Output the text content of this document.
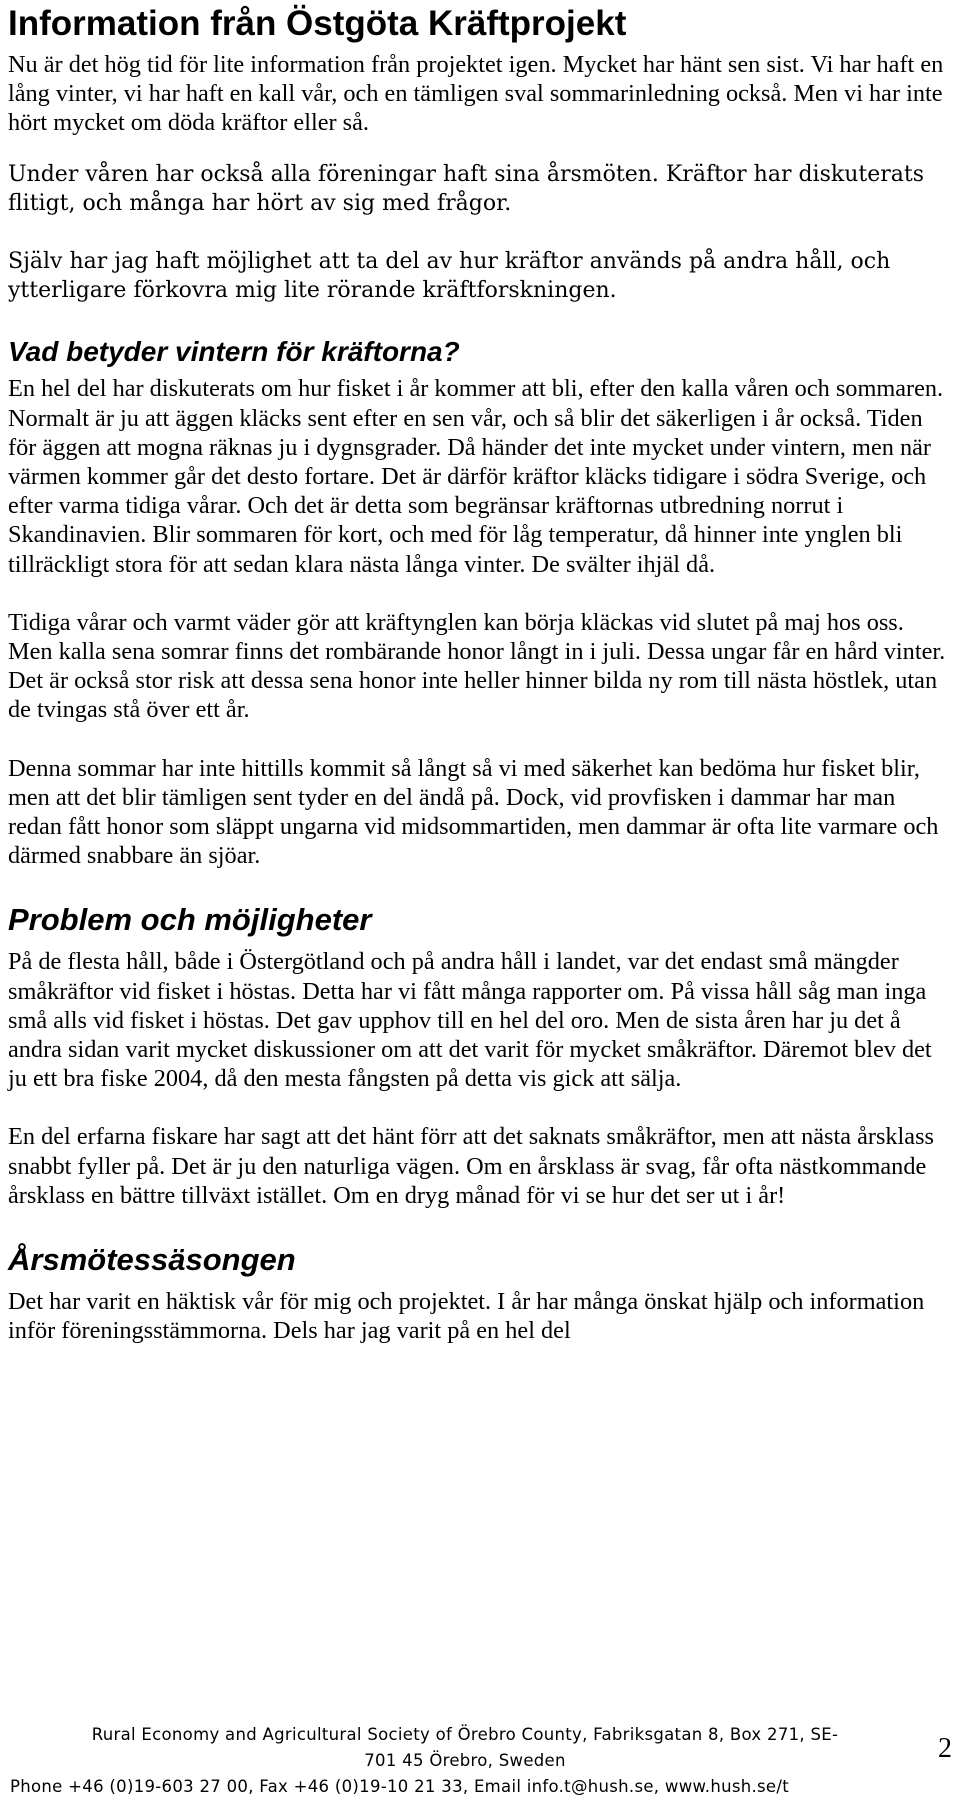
Information från Östgöta Kräftprojekt

Nu är det hög tid för lite information från projektet igen. Mycket har hänt sen sist. Vi har haft en lång vinter, vi har haft en kall vår, och en tämligen sval sommarinledning också. Men vi har inte hört mycket om döda kräftor eller så.

Under våren har också alla föreningar haft sina årsmöten. Kräftor har diskuterats flitigt, och många har hört av sig med frågor.

Själv har jag haft möjlighet att ta del av hur kräftor används på andra håll, och ytterligare förkovra mig lite rörande kräftforskningen.

Vad betyder vintern för kräftorna?

En hel del har diskuterats om hur fisket i år kommer att bli, efter den kalla våren och sommaren. Normalt är ju att äggen kläcks sent efter en sen vår, och så blir det säkerligen i år också. Tiden för äggen att mogna räknas ju i dygnsgrader. Då händer det inte mycket under vintern, men när värmen kommer går det desto fortare. Det är därför kräftor kläcks tidigare i södra Sverige, och efter varma tidiga vårar. Och det är detta som begränsar kräftornas utbredning norrut i Skandinavien. Blir sommaren för kort, och med för låg temperatur, då hinner inte ynglen bli tillräckligt stora för att sedan klara nästa långa vinter. De svälter ihjäl då.

Tidiga vårar och varmt väder gör att kräftynglen kan börja kläckas vid slutet på maj hos oss. Men kalla sena somrar finns det rombärande honor långt in i juli. Dessa ungar får en hård vinter. Det är också stor risk att dessa sena honor inte heller hinner bilda ny rom till nästa höstlek, utan de tvingas stå över ett år.

Denna sommar har inte hittills kommit så långt så vi med säkerhet kan bedöma hur fisket blir, men att det blir tämligen sent tyder en del ändå på. Dock, vid provfisken i dammar har man redan fått honor som släppt ungarna vid midsommartiden, men dammar är ofta lite varmare och därmed snabbare än sjöar.

Problem och möjligheter

På de flesta håll, både i Östergötland och på andra håll i landet, var det endast små mängder småkräftor vid fisket i höstas. Detta har vi fått många rapporter om. På vissa håll såg man inga små alls vid fisket i höstas. Det gav upphov till en hel del oro. Men de sista åren har ju det å andra sidan varit mycket diskussioner om att det varit för mycket småkräftor. Däremot blev det ju ett bra fiske 2004, då den mesta fångsten på detta vis gick att sälja.

En del erfarna fiskare har sagt att det hänt förr att det saknats småkräftor, men att nästa årsklass snabbt fyller på. Det är ju den naturliga vägen. Om en årsklass är svag, får ofta nästkommande årsklass en bättre tillväxt istället. Om en dryg månad för vi se hur det ser ut i år!

Årsmötessäsongen

Det har varit en häktisk vår för mig och projektet. I år har många önskat hjälp och information inför föreningsstämmorna. Dels har jag varit på en hel del

Rural Economy and Agricultural Society of Örebro County, Fabriksgatan 8, Box 271, SE-
701 45 Örebro, Sweden
Phone +46 (0)19-603 27 00, Fax +46 (0)19-10 21 33, Email info.t@hush.se, www.hush.se/t
2
